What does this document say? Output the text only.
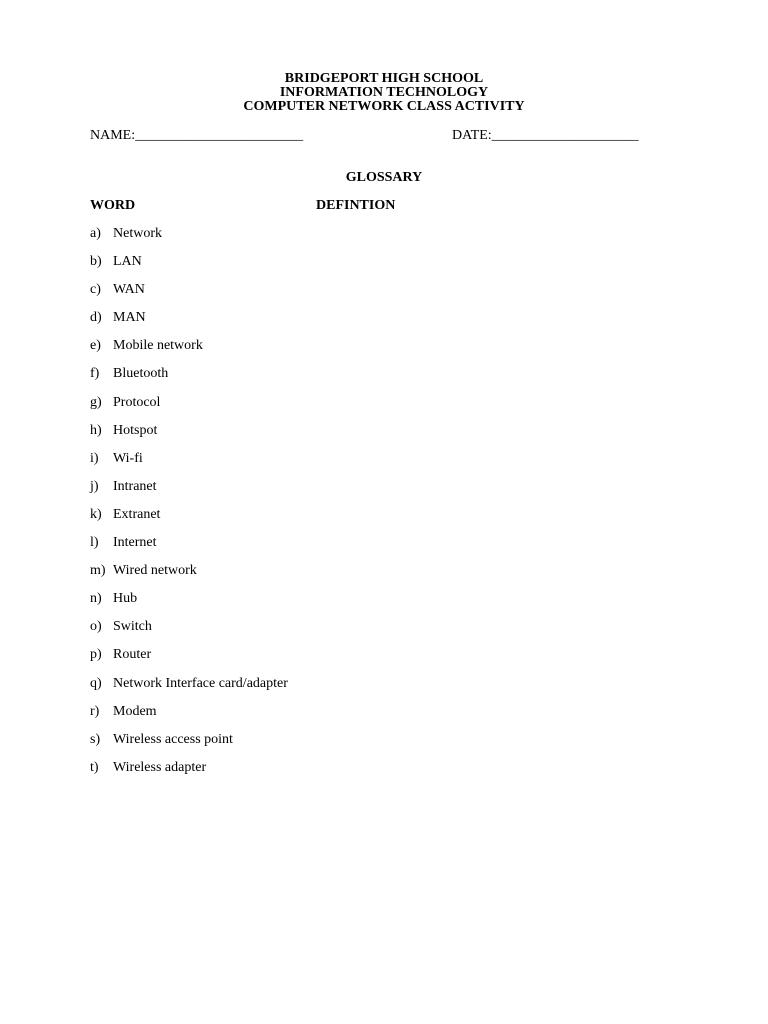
BRIDGEPORT HIGH SCHOOL
INFORMATION TECHNOLOGY
COMPUTER NETWORK CLASS ACTIVITY
NAME:________________________	DATE:_____________________
GLOSSARY
WORD	DEFINTION
a) Network
b) LAN
c) WAN
d) MAN
e) Mobile network
f) Bluetooth
g) Protocol
h) Hotspot
i)	Wi-fi
j)	Intranet
k) Extranet
l)	Internet
m) Wired network
n) Hub
o) Switch
p) Router
q) Network Interface card/adapter
r) Modem
s) Wireless access point
t)	Wireless adapter
